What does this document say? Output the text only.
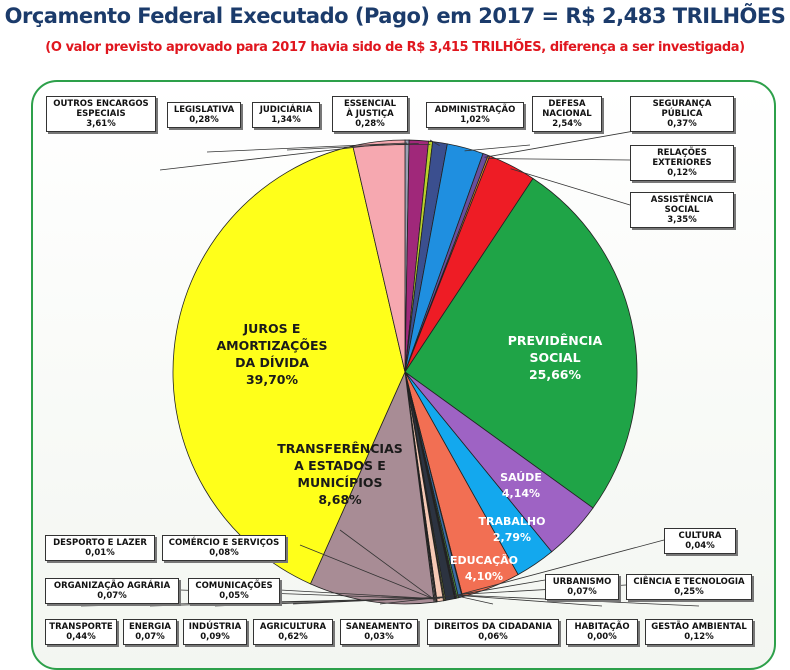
Orçamento Federal Executado (Pago) em 2017 = R$ 2,483 TRILHÕES
(O valor previsto aprovado para 2017 havia sido de R$ 3,415 TRILHÕES, diferença a ser investigada)
OUTROS ENCARGOS
ESPECIAIS
3,61%
LEGISLATIVA
0,28%
JUDICIÁRIA
1,34%
ESSENCIAL
À JUSTIÇA
0,28%
ADMINISTRAÇÃO
1,02%
DEFESA
NACIONAL
2,54%
SEGURANÇA
PÚBLICA
0,37%
RELAÇÕES
EXTERIORES
0,12%
ASSISTÊNCIA
SOCIAL
3,35%
CULTURA
0,04%
URBANISMO
0,07%
CIÊNCIA E TECNOLOGIA
0,25%
DESPORTO E LAZER
0,01%
COMÉRCIO E SERVIÇOS
0,08%
ORGANIZAÇÃO AGRÁRIA
0,07%
COMUNICAÇÕES
0,05%
TRANSPORTE
0,44%
ENERGIA
0,07%
INDÚSTRIA
0,09%
AGRICULTURA
0,62%
SANEAMENTO
0,03%
DIREITOS DA CIDADANIA
0,06%
HABITAÇÃO
0,00%
GESTÃO AMBIENTAL
0,12%
JUROS E
AMORTIZAÇÕES
DA DÍVIDA
39,70%
PREVIDÊNCIA
SOCIAL
25,66%
TRANSFERÊNCIAS
A ESTADOS E
MUNICÍPIOS
8,68%
SAÚDE
4,14%
TRABALHO
2,79%
EDUCAÇÃO
4,10%
